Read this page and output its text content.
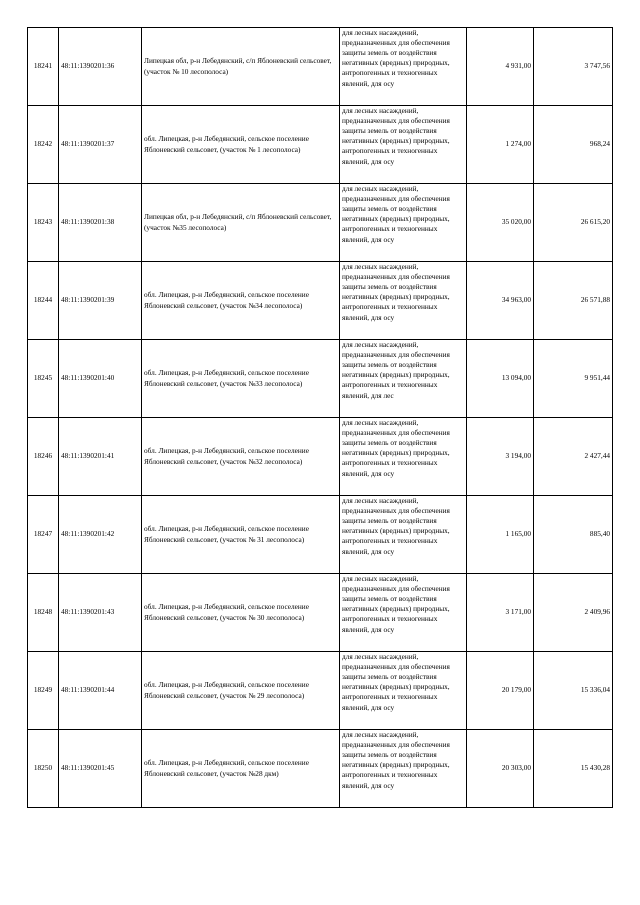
18241	48:11:1390201:36	Липецкая обл, р-н Лебедянский, с/п Яблоневский сельсовет, (участок № 10 лесополоса)	для лесных насаждений, предназначенных для обеспечения защиты земель от воздействия негативных (вредных) природных, антропогенных и техногенных явлений, для осу	4 931,00	3 747,56
18242	48:11:1390201:37	обл. Липецкая, р-н Лебедянский, сельское поселение Яблоневский сельсовет, (участок № 1 лесополоса)	для лесных насаждений, предназначенных для обеспечения защиты земель от воздействия негативных (вредных) природных, антропогенных и техногенных явлений, для осу	1 274,00	968,24
18243	48:11:1390201:38	Липецкая обл, р-н Лебедянский, с/п Яблоневский сельсовет, (участок №35 лесополоса)	для лесных насаждений, предназначенных для обеспечения защиты земель от воздействия негативных (вредных) природных, антропогенных и техногенных явлений, для осу	35 020,00	26 615,20
18244	48:11:1390201:39	обл. Липецкая, р-н Лебедянский, сельское поселение Яблоневский сельсовет, (участок №34 лесополоса)	для лесных насаждений, предназначенных для обеспечения защиты земель от воздействия негативных (вредных) природных, антропогенных и техногенных явлений, для осу	34 963,00	26 571,88
18245	48:11:1390201:40	обл. Липецкая, р-н Лебедянский, сельское поселение Яблоневский сельсовет, (участок №33 лесополоса)	для лесных насаждений, предназначенных для обеспечения защиты земель от воздействия негативных (вредных) природных, антропогенных и техногенных явлений, для лес	13 094,00	9 951,44
18246	48:11:1390201:41	обл. Липецкая, р-н Лебедянский, сельское поселение Яблоневский сельсовет, (участок №32 лесополоса)	для лесных насаждений, предназначенных для обеспечения защиты земель от воздействия негативных (вредных) природных, антропогенных и техногенных явлений, для осу	3 194,00	2 427,44
18247	48:11:1390201:42	обл. Липецкая, р-н Лебедянский, сельское поселение Яблоневский сельсовет, (участок № 31 лесополоса)	для лесных насаждений, предназначенных для обеспечения защиты земель от воздействия негативных (вредных) природных, антропогенных и техногенных явлений, для осу	1 165,00	885,40
18248	48:11:1390201:43	обл. Липецкая, р-н Лебедянский, сельское поселение Яблоневский сельсовет, (участок № 30 лесополоса)	для лесных насаждений, предназначенных для обеспечения защиты земель от воздействия негативных (вредных) природных, антропогенных и техногенных явлений, для осу	3 171,00	2 409,96
18249	48:11:1390201:44	обл. Липецкая, р-н Лебедянский, сельское поселение Яблоневский сельсовет, (участок № 29 лесополоса)	для лесных насаждений, предназначенных для обеспечения защиты земель от воздействия негативных (вредных) природных, антропогенных и техногенных явлений, для осу	20 179,00	15 336,04
18250	48:11:1390201:45	обл. Липецкая, р-н Лебедянский, сельское поселение Яблоневский сельсовет, (участок №28 дкм)	для лесных насаждений, предназначенных для обеспечения защиты земель от воздействия негативных (вредных) природных, антропогенных и техногенных явлений, для осу	20 303,00	15 430,28
